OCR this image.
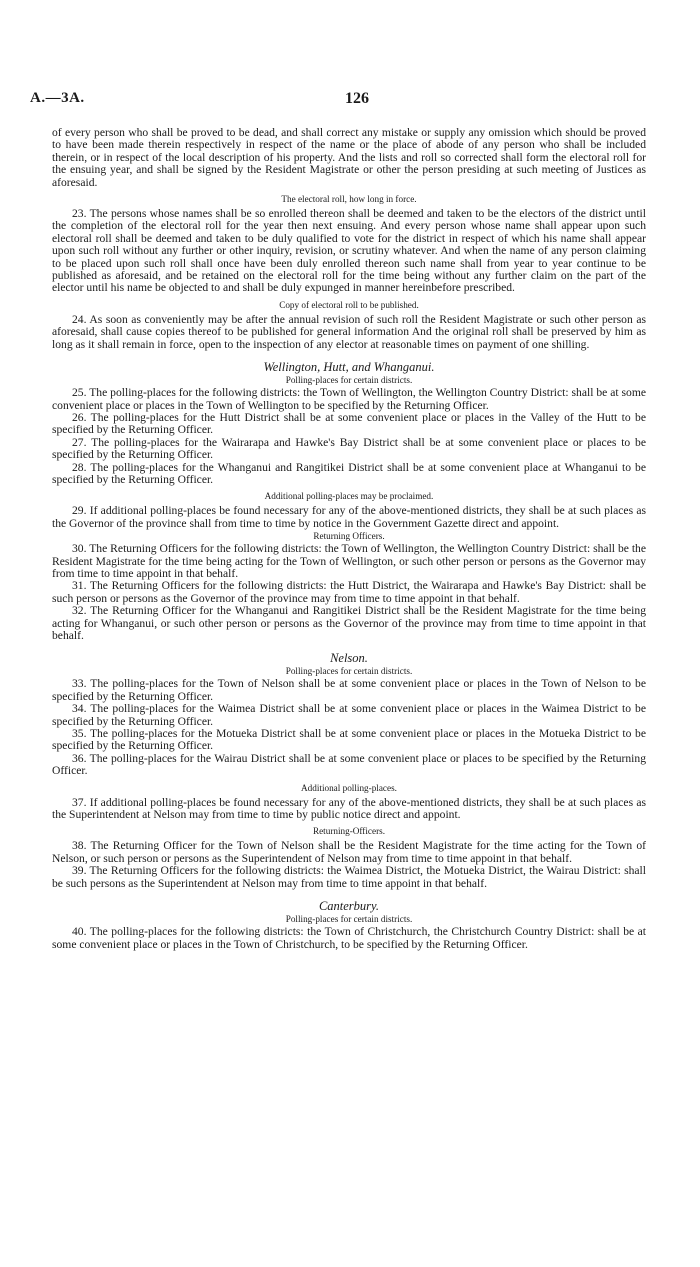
A.—3A.	126

of every person who shall be proved to be dead, and shall correct any mistake or supply any omission which should be proved to have been made therein respectively in respect of the name or the place of abode of any person who shall be included therein, or in respect of the local description of his property. And the lists and roll so corrected shall form the electoral roll for the ensuing year, and shall be signed by the Resident Magistrate or other the person presiding at such meeting of Justices as aforesaid.

The electoral roll, how long in force.

23. The persons whose names shall be so enrolled thereon shall be deemed and taken to be the electors of the district until the completion of the electoral roll for the year then next ensuing. And every person whose name shall appear upon such electoral roll shall be deemed and taken to be duly qualified to vote for the district in respect of which his name shall appear upon such roll without any further or other inquiry, revision, or scrutiny whatever. And when the name of any person claiming to be placed upon such roll shall once have been duly enrolled thereon such name shall from year to year continue to be published as aforesaid, and be retained on the electoral roll for the time being without any further claim on the part of the elector until his name be objected to and shall be duly expunged in manner hereinbefore prescribed.

Copy of electoral roll to be published.

24. As soon as conveniently may be after the annual revision of such roll the Resident Magistrate or such other person as aforesaid, shall cause copies thereof to be published for general information And the original roll shall be preserved by him as long as it shall remain in force, open to the inspection of any elector at reasonable times on payment of one shilling.

Wellington, Hutt, and Whanganui.
Polling-places for certain districts.

25. The polling-places for the following districts: the Town of Wellington, the Wellington Country District: shall be at some convenient place or places in the Town of Wellington to be specified by the Returning Officer.

26. The polling-places for the Hutt District shall be at some convenient place or places in the Valley of the Hutt to be specified by the Returning Officer.

27. The polling-places for the Wairarapa and Hawke's Bay District shall be at some convenient place or places to be specified by the Returning Officer.

28. The polling-places for the Whanganui and Rangitikei District shall be at some convenient place at Whanganui to be specified by the Returning Officer.

Additional polling-places may be proclaimed.

29. If additional polling-places be found necessary for any of the above-mentioned districts, they shall be at such places as the Governor of the province shall from time to time by notice in the Government Gazette direct and appoint.

Returning Officers.

30. The Returning Officers for the following districts: the Town of Wellington, the Wellington Country District: shall be the Resident Magistrate for the time being acting for the Town of Wellington, or such other person or persons as the Governor may from time to time appoint in that behalf.

31. The Returning Officers for the following districts: the Hutt District, the Wairarapa and Hawke's Bay District: shall be such person or persons as the Governor of the province may from time to time appoint in that behalf.

32. The Returning Officer for the Whanganui and Rangitikei District shall be the Resident Magistrate for the time being acting for Whanganui, or such other person or persons as the Governor of the province may from time to time appoint in that behalf.

Nelson.
Polling-places for certain districts.

33. The polling-places for the Town of Nelson shall be at some convenient place or places in the Town of Nelson to be specified by the Returning Officer.

34. The polling-places for the Waimea District shall be at some convenient place or places in the Waimea District to be specified by the Returning Officer.

35. The polling-places for the Motueka District shall be at some convenient place or places in the Motueka District to be specified by the Returning Officer.

36. The polling-places for the Wairau District shall be at some convenient place or places to be specified by the Returning Officer.

Additional polling-places.

37. If additional polling-places be found necessary for any of the above-mentioned districts, they shall be at such places as the Superintendent at Nelson may from time to time by public notice direct and appoint.

Returning-Officers.

38. The Returning Officer for the Town of Nelson shall be the Resident Magistrate for the time acting for the Town of Nelson, or such person or persons as the Superintendent of Nelson may from time to time appoint in that behalf.

39. The Returning Officers for the following districts: the Waimea District, the Motueka District, the Wairau District: shall be such persons as the Superintendent at Nelson may from time to time appoint in that behalf.

Canterbury.
Polling-places for certain districts.

40. The polling-places for the following districts: the Town of Christchurch, the Christchurch Country District: shall be at some convenient place or places in the Town of Christchurch, to be specified by the Returning Officer.
